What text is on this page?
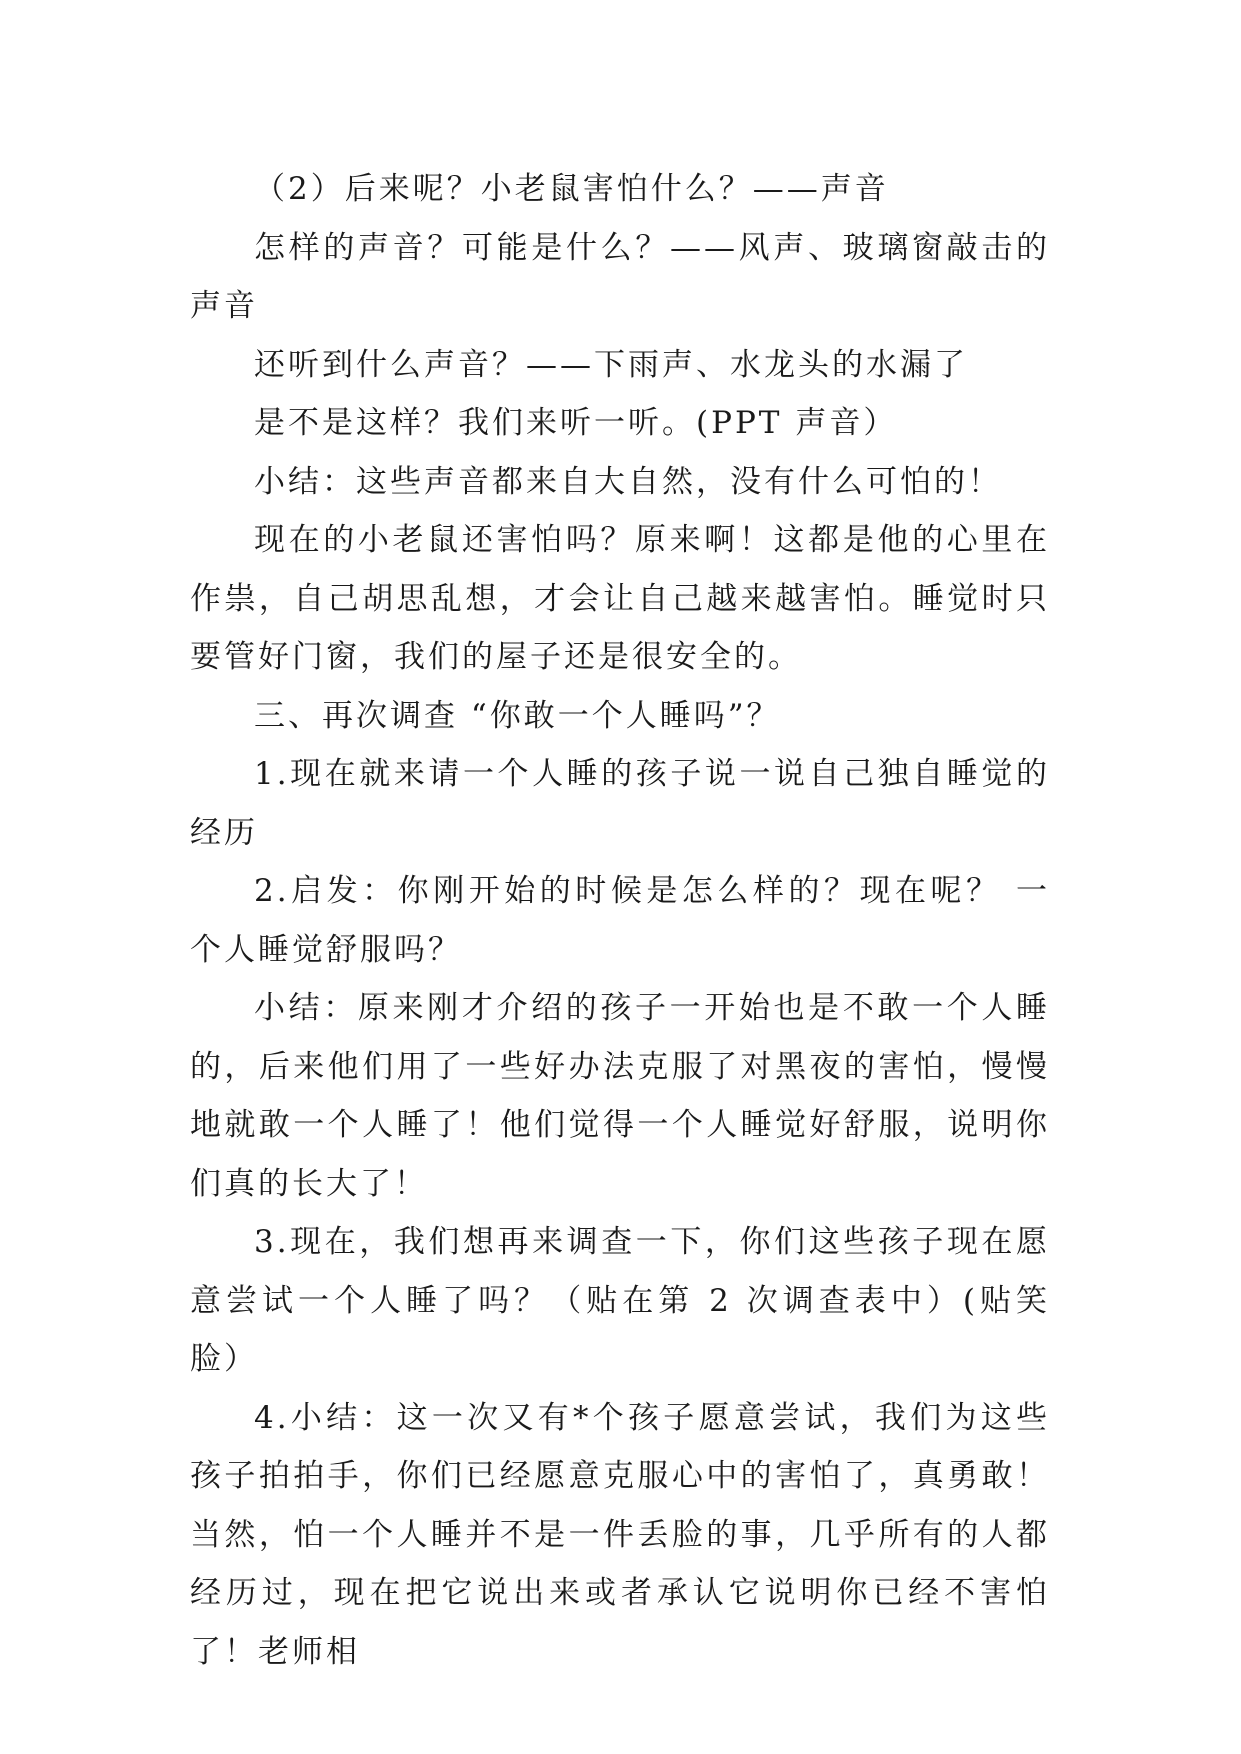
（2）后来呢？小老鼠害怕什么？——声音

怎样的声音？可能是什么？——风声、玻璃窗敲击的声音

还听到什么声音？——下雨声、水龙头的水漏了

是不是这样？我们来听一听。(PPT 声音）

小结：这些声音都来自大自然，没有什么可怕的！

现在的小老鼠还害怕吗？原来啊！这都是他的心里在作祟，自己胡思乱想，才会让自己越来越害怕。睡觉时只要管好门窗，我们的屋子还是很安全的。

三、再次调查 “你敢一个人睡吗”？

1.现在就来请一个人睡的孩子说一说自己独自睡觉的经历

2.启发：你刚开始的时候是怎么样的？现在呢？ 一个人睡觉舒服吗？

小结：原来刚才介绍的孩子一开始也是不敢一个人睡的，后来他们用了一些好办法克服了对黑夜的害怕，慢慢地就敢一个人睡了！他们觉得一个人睡觉好舒服，说明你们真的长大了！

3.现在，我们想再来调查一下，你们这些孩子现在愿意尝试一个人睡了吗？（贴在第 2 次调查表中）(贴笑脸）

4.小结：这一次又有*个孩子愿意尝试，我们为这些孩子拍拍手，你们已经愿意克服心中的害怕了，真勇敢！当然，怕一个人睡并不是一件丢脸的事，几乎所有的人都经历过，现在把它说出来或者承认它说明你已经不害怕了！老师相
